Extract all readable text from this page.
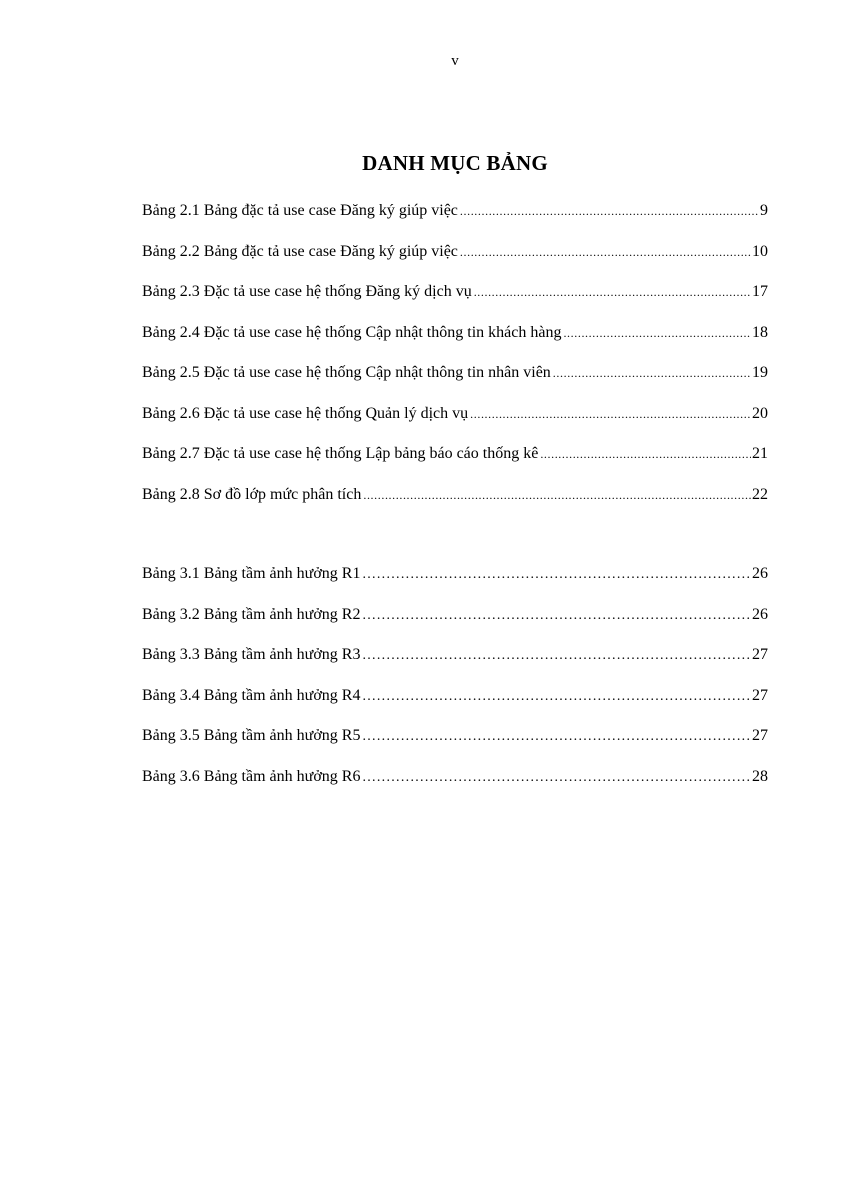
v
DANH MỤC BẢNG
Bảng 2.1 Bảng đặc tả use case Đăng ký giúp việc .....	9
Bảng 2.2 Bảng đặc tả use case Đăng ký giúp việc .....	10
Bảng 2.3 Đặc tả use case hệ thống Đăng ký dịch vụ .....	17
Bảng 2.4 Đặc tả use case hệ thống Cập nhật thông tin khách hàng .....	18
Bảng 2.5 Đặc tả use case hệ thống Cập nhật thông tin nhân viên .....	19
Bảng 2.6 Đặc tả use case hệ thống Quản lý dịch vụ .....	20
Bảng 2.7 Đặc tả use case hệ thống Lập bảng báo cáo thống kê .....	21
Bảng 2.8 Sơ đồ lớp mức phân tích .....	22
Bảng 3.1 Bảng tầm ảnh hưởng R1 .....	26
Bảng 3.2 Bảng tầm ảnh hưởng R2 .....	26
Bảng 3.3 Bảng tầm ảnh hưởng R3 .....	27
Bảng 3.4 Bảng tầm ảnh hưởng R4 .....	27
Bảng 3.5 Bảng tầm ảnh hưởng R5 .....	27
Bảng 3.6 Bảng tầm ảnh hưởng R6 .....	28
